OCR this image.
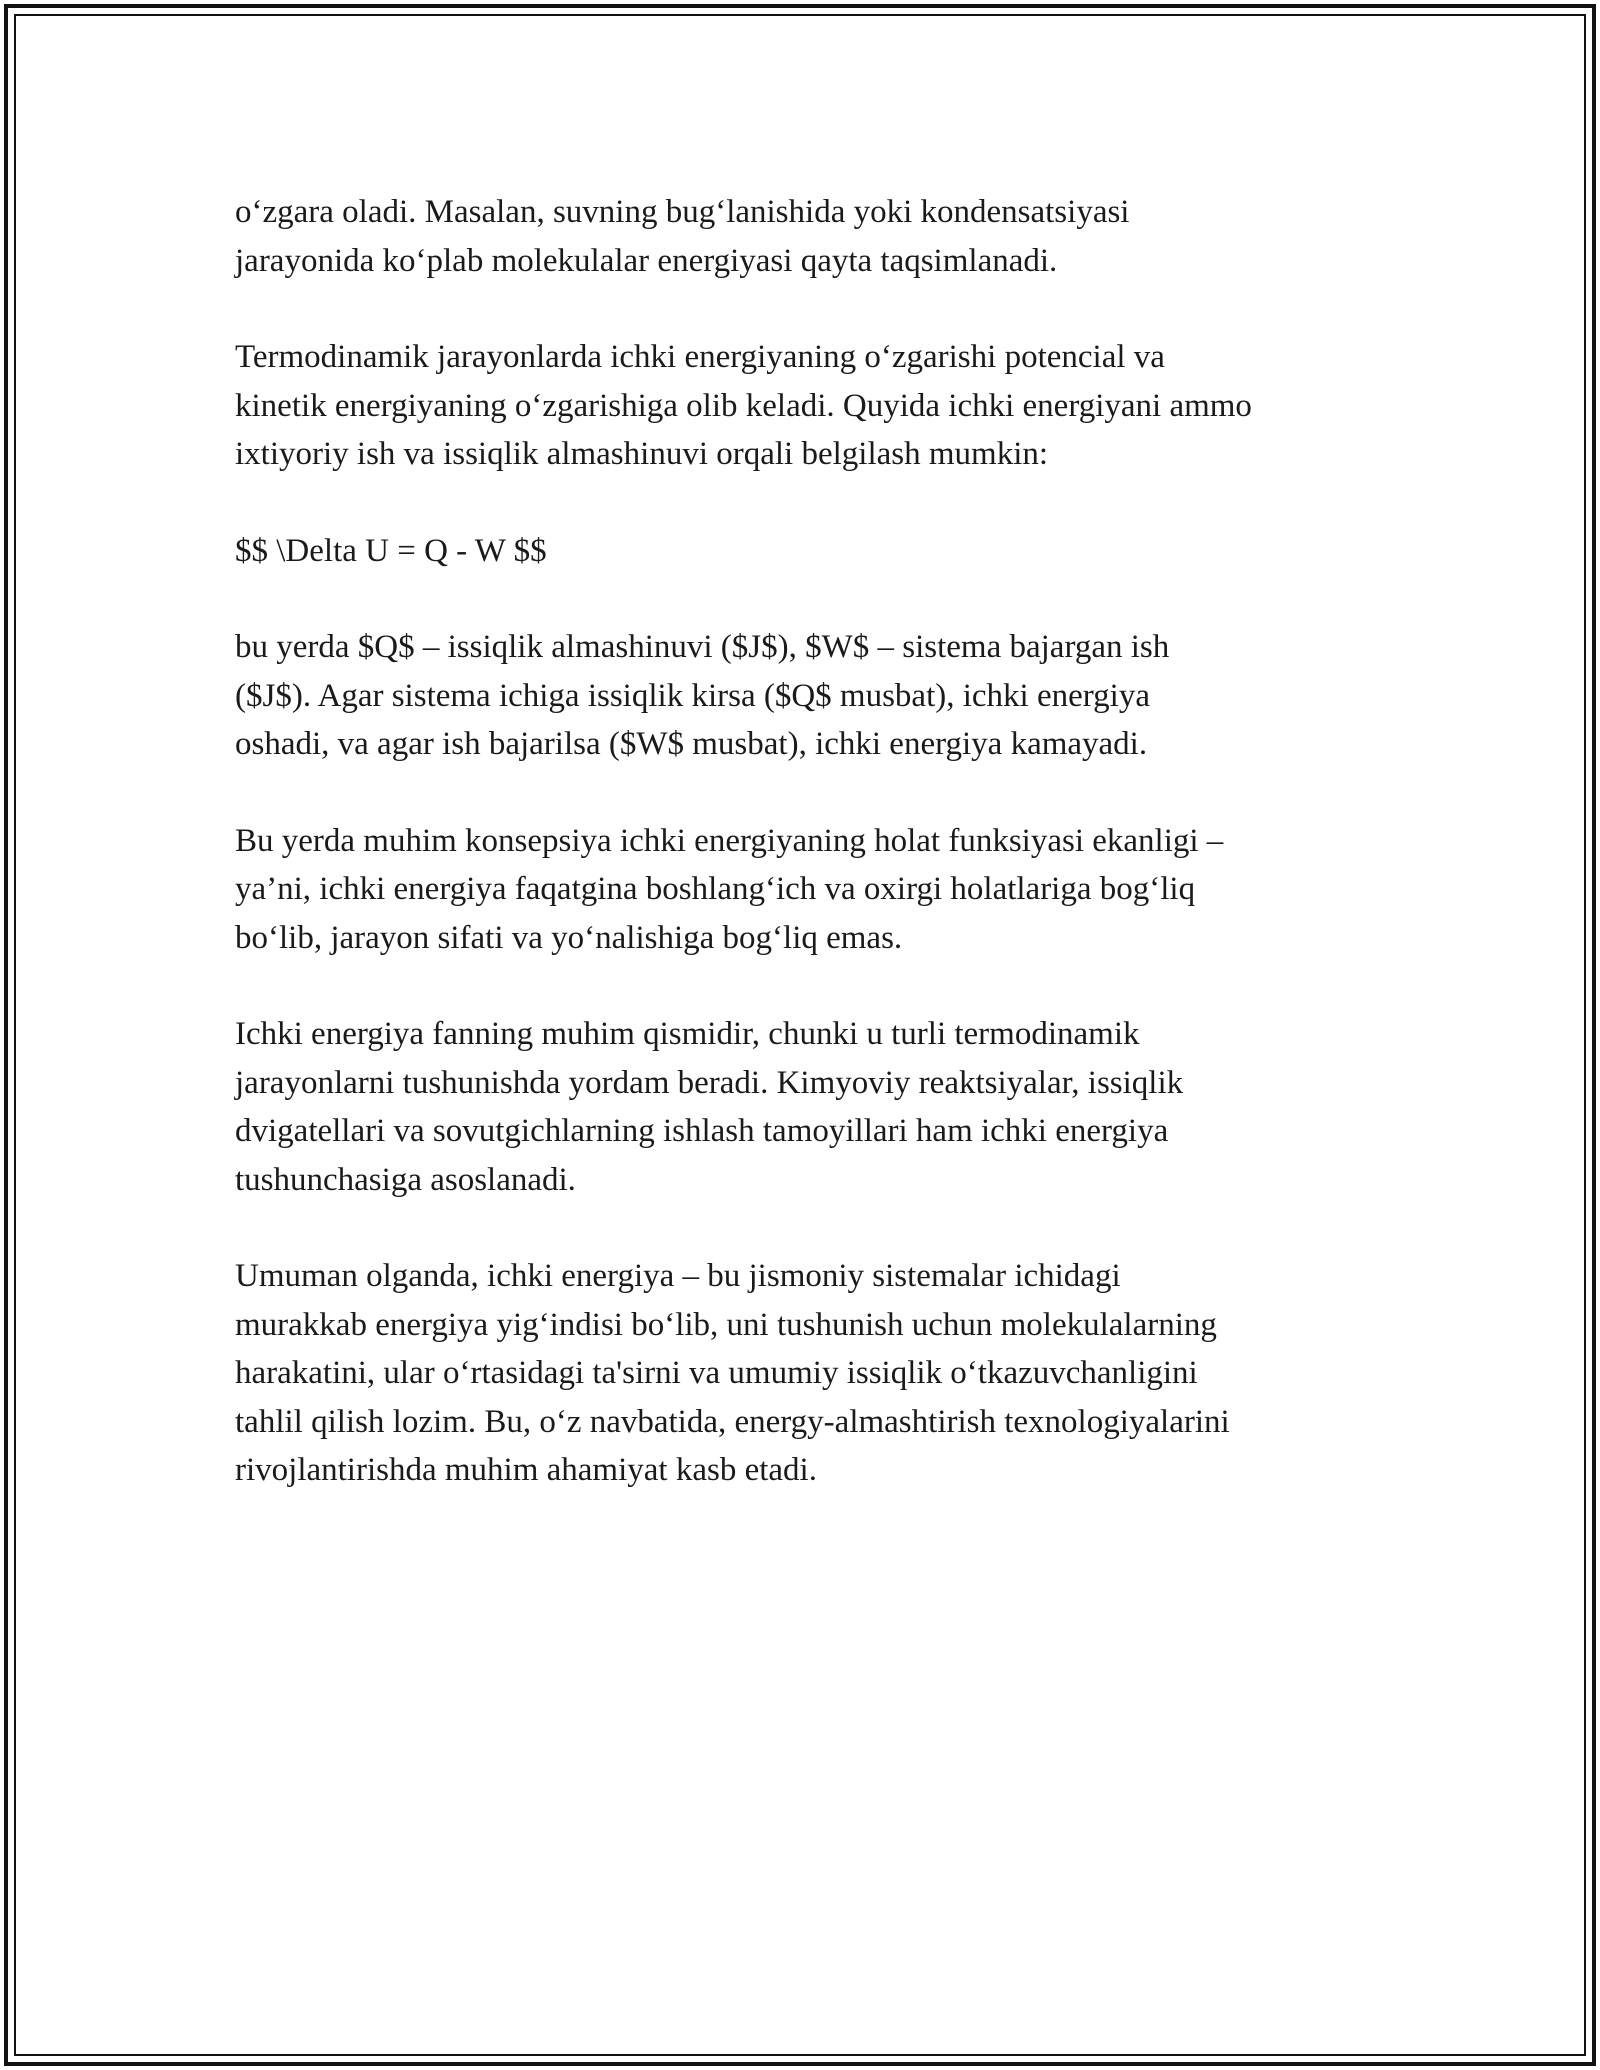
o‘zgara oladi. Masalan, suvning bug‘lanishida yoki kondensatsiyasi
jarayonida ko‘plab molekulalar energiyasi qayta taqsimlanadi.

Termodinamik jarayonlarda ichki energiyaning o‘zgarishi potencial va
kinetik energiyaning o‘zgarishiga olib keladi. Quyida ichki energiyani ammo
ixtiyoriy ish va issiqlik almashinuvi orqali belgilash mumkin:

$$ \Delta U = Q - W $$

bu yerda $Q$ – issiqlik almashinuvi ($J$), $W$ – sistema bajargan ish
($J$). Agar sistema ichiga issiqlik kirsa ($Q$ musbat), ichki energiya
oshadi, va agar ish bajarilsa ($W$ musbat), ichki energiya kamayadi.

Bu yerda muhim konsepsiya ichki energiyaning holat funksiyasi ekanligi –
ya’ni, ichki energiya faqatgina boshlang‘ich va oxirgi holatlariga bog‘liq
bo‘lib, jarayon sifati va yo‘nalishiga bog‘liq emas.

Ichki energiya fanning muhim qismidir, chunki u turli termodinamik
jarayonlarni tushunishda yordam beradi. Kimyoviy reaktsiyalar, issiqlik
dvigatellari va sovutgichlarning ishlash tamoyillari ham ichki energiya
tushunchasiga asoslanadi.

Umuman olganda, ichki energiya – bu jismoniy sistemalar ichidagi
murakkab energiya yig‘indisi bo‘lib, uni tushunish uchun molekulalarning
harakatini, ular o‘rtasidagi ta'sirni va umumiy issiqlik o‘tkazuvchanligini
tahlil qilish lozim. Bu, o‘z navbatida, energy-almashtirish texnologiyalarini
rivojlantirishda muhim ahamiyat kasb etadi.
